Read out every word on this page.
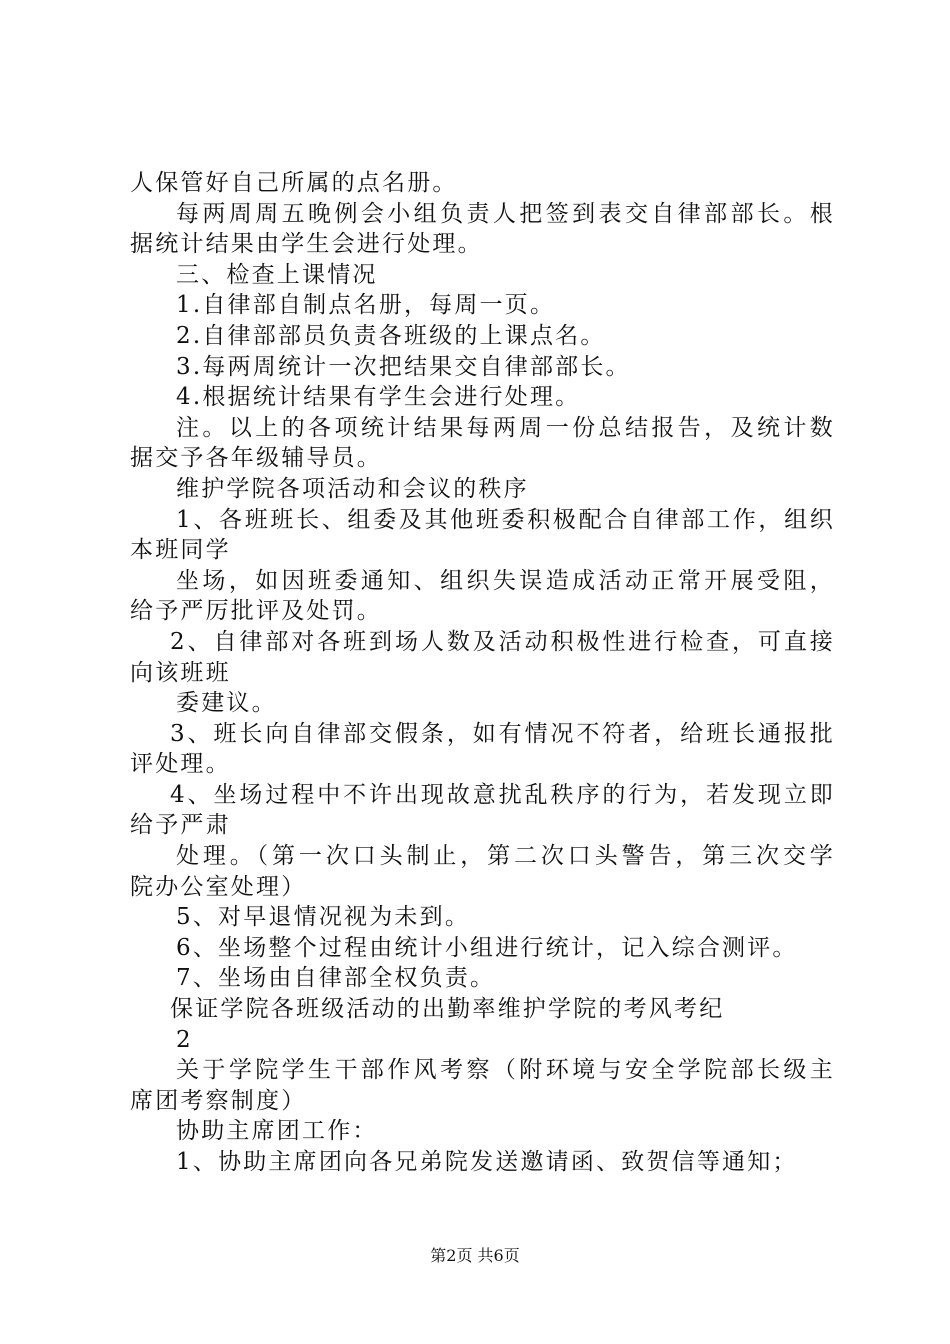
人保管好自己所属的点名册。
每两周周五晚例会小组负责人把签到表交自律部部长。根
据统计结果由学生会进行处理。
三、检查上课情况
1.自律部自制点名册，每周一页。
2.自律部部员负责各班级的上课点名。
3.每两周统计一次把结果交自律部部长。
4.根据统计结果有学生会进行处理。
注。以上的各项统计结果每两周一份总结报告，及统计数
据交予各年级辅导员。
维护学院各项活动和会议的秩序
1、各班班长、组委及其他班委积极配合自律部工作，组织
本班同学
坐场，如因班委通知、组织失误造成活动正常开展受阻，
给予严厉批评及处罚。
2、自律部对各班到场人数及活动积极性进行检查，可直接
向该班班
委建议。
3、班长向自律部交假条，如有情况不符者，给班长通报批
评处理。
4、坐场过程中不许出现故意扰乱秩序的行为，若发现立即
给予严肃
处理。（第一次口头制止，第二次口头警告，第三次交学
院办公室处理）
5、对早退情况视为未到。
6、坐场整个过程由统计小组进行统计，记入综合测评。
7、坐场由自律部全权负责。
保证学院各班级活动的出勤率维护学院的考风考纪
2
关于学院学生干部作风考察（附环境与安全学院部长级主
席团考察制度）
协助主席团工作：
1、协助主席团向各兄弟院发送邀请函、致贺信等通知；
第2页 共6页
